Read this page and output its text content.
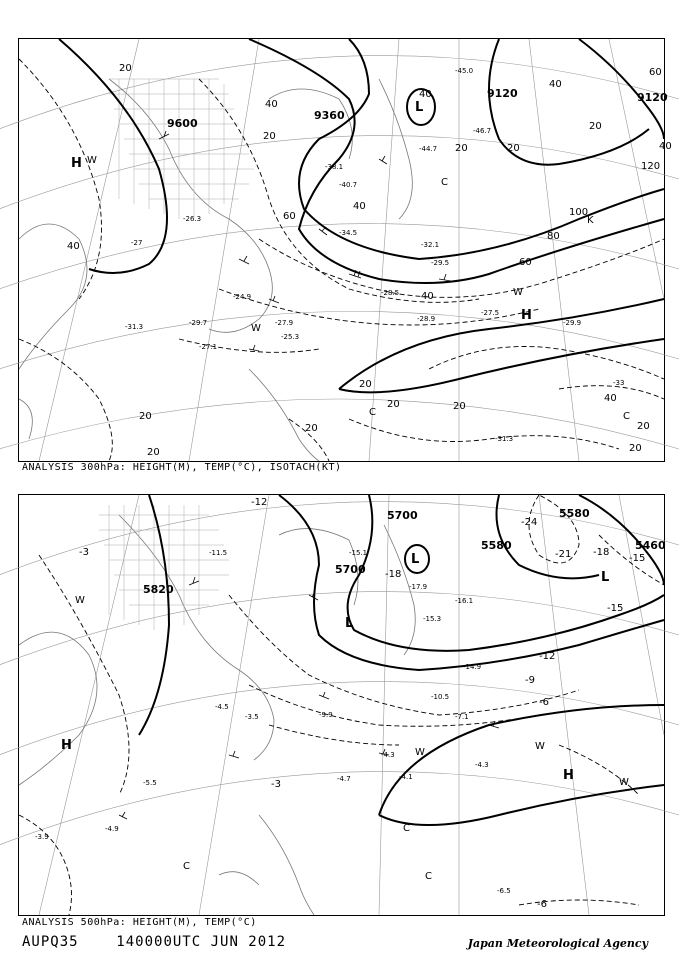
9600
9360
9120	9120
20
40
20
20
40
20
40
60
40
40
20
40
60
80
100
120
60
40
20
20	20
20
20
20
40
20
20
H W
L
H
W
W
C
C	C
K
-45.0
-46.7
-44.7
-38.1
-40.7
-32.1
-34.5
-29.5
-28.5
-27.9	-28.9
-27.5
-26.3
-31.3	-29.7
-24.9
-25.3
-27.1
-31.3
-33
-27
-29.9
ANALYSIS 300hPa: HEIGHT(M), TEMP(°C), ISOTACH(KT)
5820
5700
5700
5580
5580
5460
-3
-12
-18
-24
-21 -18
-15
-12
-9
-6
-3
-6
-15
W
H
L
L
W
W
H	W
C
C
C
L
-11.5	-15.1
-17.9
-15.3
-16.1
-14.9
-10.5
-9.9	-7.1
-4.5
-3.5
-4.3
-4.1
-4.7
-5.5
-4.9
-3.9
-6.5
-4.3
ANALYSIS 500hPa: HEIGHT(M), TEMP(°C)
AUPQ35	140000UTC JUN 2012	Japan Meteorological Agency
